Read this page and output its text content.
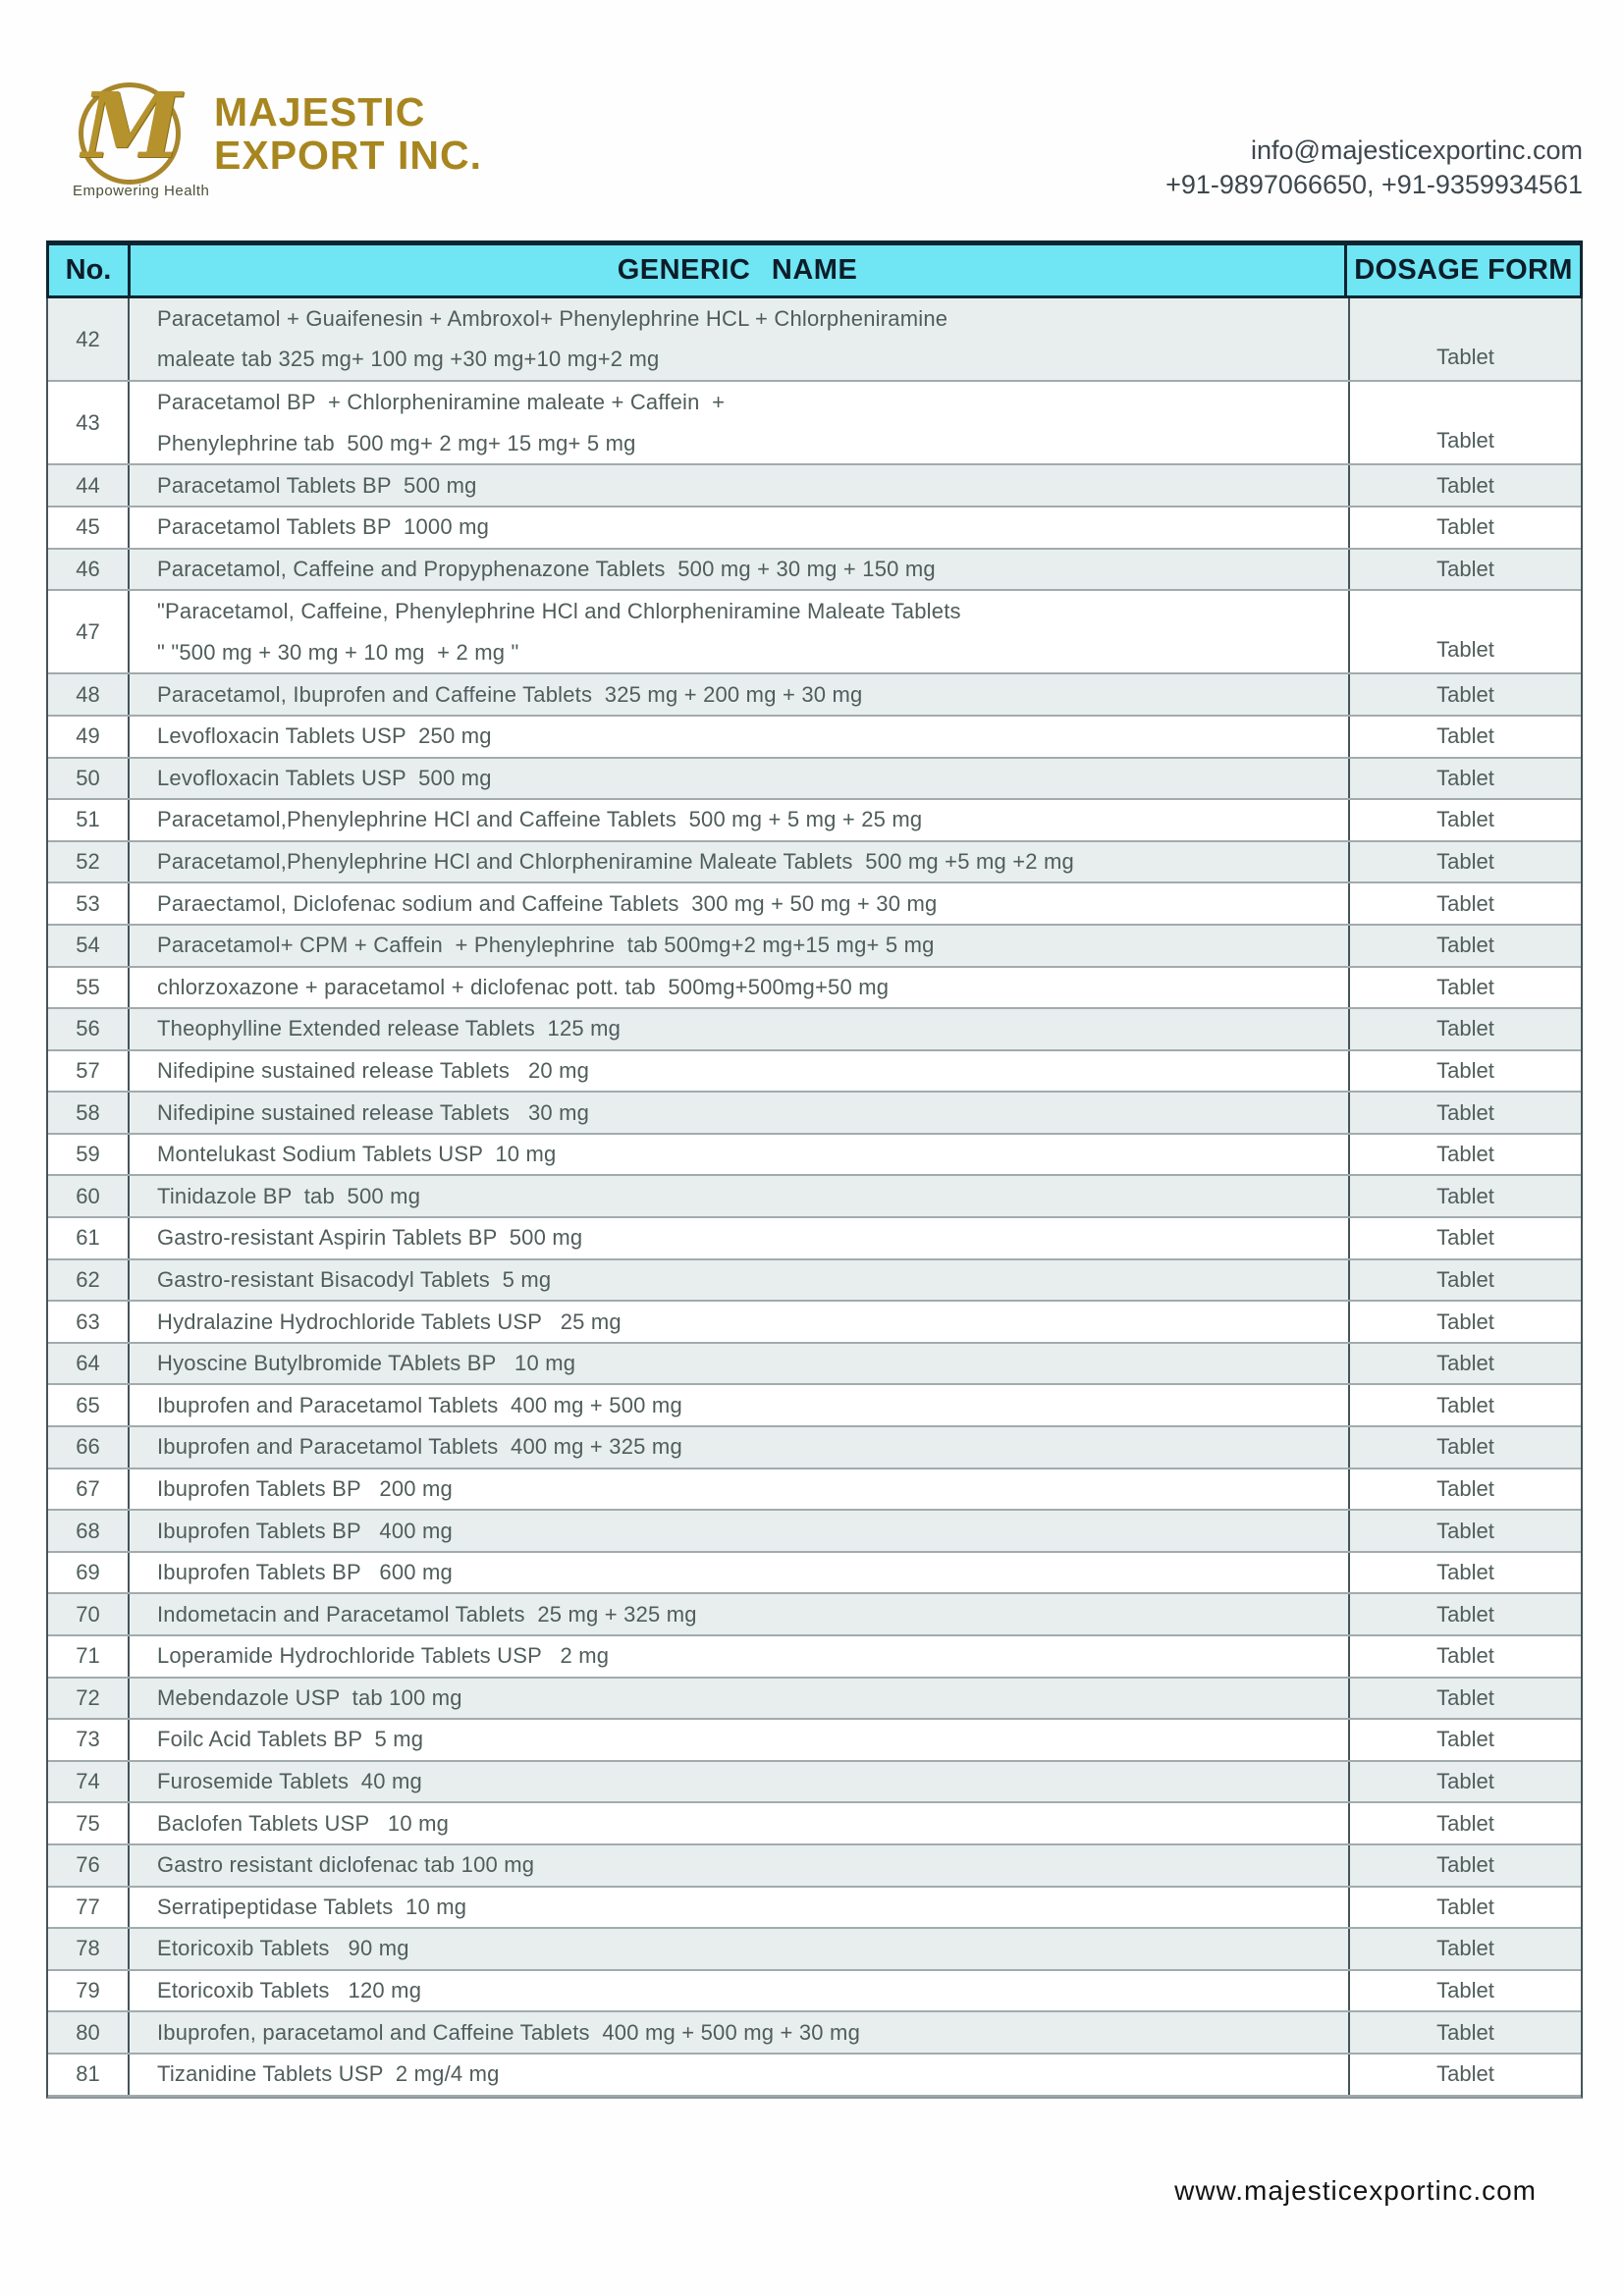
M MAJESTIC
EXPORT INC.
Empowering Health
info@majesticexportinc.com
+91-9897066650, +91-9359934561
No.	GENERIC NAME	DOSAGE FORM
42
Paracetamol + Guaifenesin + Ambroxol+ Phenylephrine HCL + Chlorpheniramine
maleate tab 325 mg+ 100 mg +30 mg+10 mg+2 mg	Tablet
43
Paracetamol BP  + Chlorpheniramine maleate + Caffein  +
Phenylephrine tab  500 mg+ 2 mg+ 15 mg+ 5 mg	Tablet
44	Paracetamol Tablets BP  500 mg	Tablet
45	Paracetamol Tablets BP  1000 mg	Tablet
46	Paracetamol, Caffeine and Propyphenazone Tablets  500 mg + 30 mg + 150 mg	Tablet
47
"Paracetamol, Caffeine, Phenylephrine HCl and Chlorpheniramine Maleate Tablets
" "500 mg + 30 mg + 10 mg  + 2 mg "	Tablet
48	Paracetamol, Ibuprofen and Caffeine Tablets  325 mg + 200 mg + 30 mg	Tablet
49	Levofloxacin Tablets USP  250 mg	Tablet
50	Levofloxacin Tablets USP  500 mg	Tablet
51	Paracetamol,Phenylephrine HCl and Caffeine Tablets  500 mg + 5 mg + 25 mg	Tablet
52	Paracetamol,Phenylephrine HCl and Chlorpheniramine Maleate Tablets  500 mg +5 mg +2 mg	Tablet
53	Paraectamol, Diclofenac sodium and Caffeine Tablets  300 mg + 50 mg + 30 mg	Tablet
54	Paracetamol+ CPM + Caffein  + Phenylephrine  tab 500mg+2 mg+15 mg+ 5 mg	Tablet
55	chlorzoxazone + paracetamol + diclofenac pott. tab  500mg+500mg+50 mg	Tablet
56	Theophylline Extended release Tablets  125 mg	Tablet
57	Nifedipine sustained release Tablets   20 mg	Tablet
58	Nifedipine sustained release Tablets   30 mg	Tablet
59	Montelukast Sodium Tablets USP  10 mg	Tablet
60	Tinidazole BP  tab  500 mg	Tablet
61	Gastro-resistant Aspirin Tablets BP  500 mg	Tablet
62	Gastro-resistant Bisacodyl Tablets  5 mg	Tablet
63	Hydralazine Hydrochloride Tablets USP   25 mg	Tablet
64	Hyoscine Butylbromide TAblets BP   10 mg	Tablet
65	Ibuprofen and Paracetamol Tablets  400 mg + 500 mg	Tablet
66	Ibuprofen and Paracetamol Tablets  400 mg + 325 mg	Tablet
67	Ibuprofen Tablets BP   200 mg	Tablet
68	Ibuprofen Tablets BP   400 mg	Tablet
69	Ibuprofen Tablets BP   600 mg	Tablet
70	Indometacin and Paracetamol Tablets  25 mg + 325 mg	Tablet
71	Loperamide Hydrochloride Tablets USP   2 mg	Tablet
72	Mebendazole USP  tab 100 mg	Tablet
73	Foilc Acid Tablets BP  5 mg	Tablet
74	Furosemide Tablets  40 mg	Tablet
75	Baclofen Tablets USP   10 mg	Tablet
76	Gastro resistant diclofenac tab 100 mg	Tablet
77	Serratipeptidase Tablets  10 mg	Tablet
78	Etoricoxib Tablets   90 mg	Tablet
79	Etoricoxib Tablets   120 mg	Tablet
80	Ibuprofen, paracetamol and Caffeine Tablets  400 mg + 500 mg + 30 mg	Tablet
81	Tizanidine Tablets USP  2 mg/4 mg	Tablet
www.majesticexportinc.com
